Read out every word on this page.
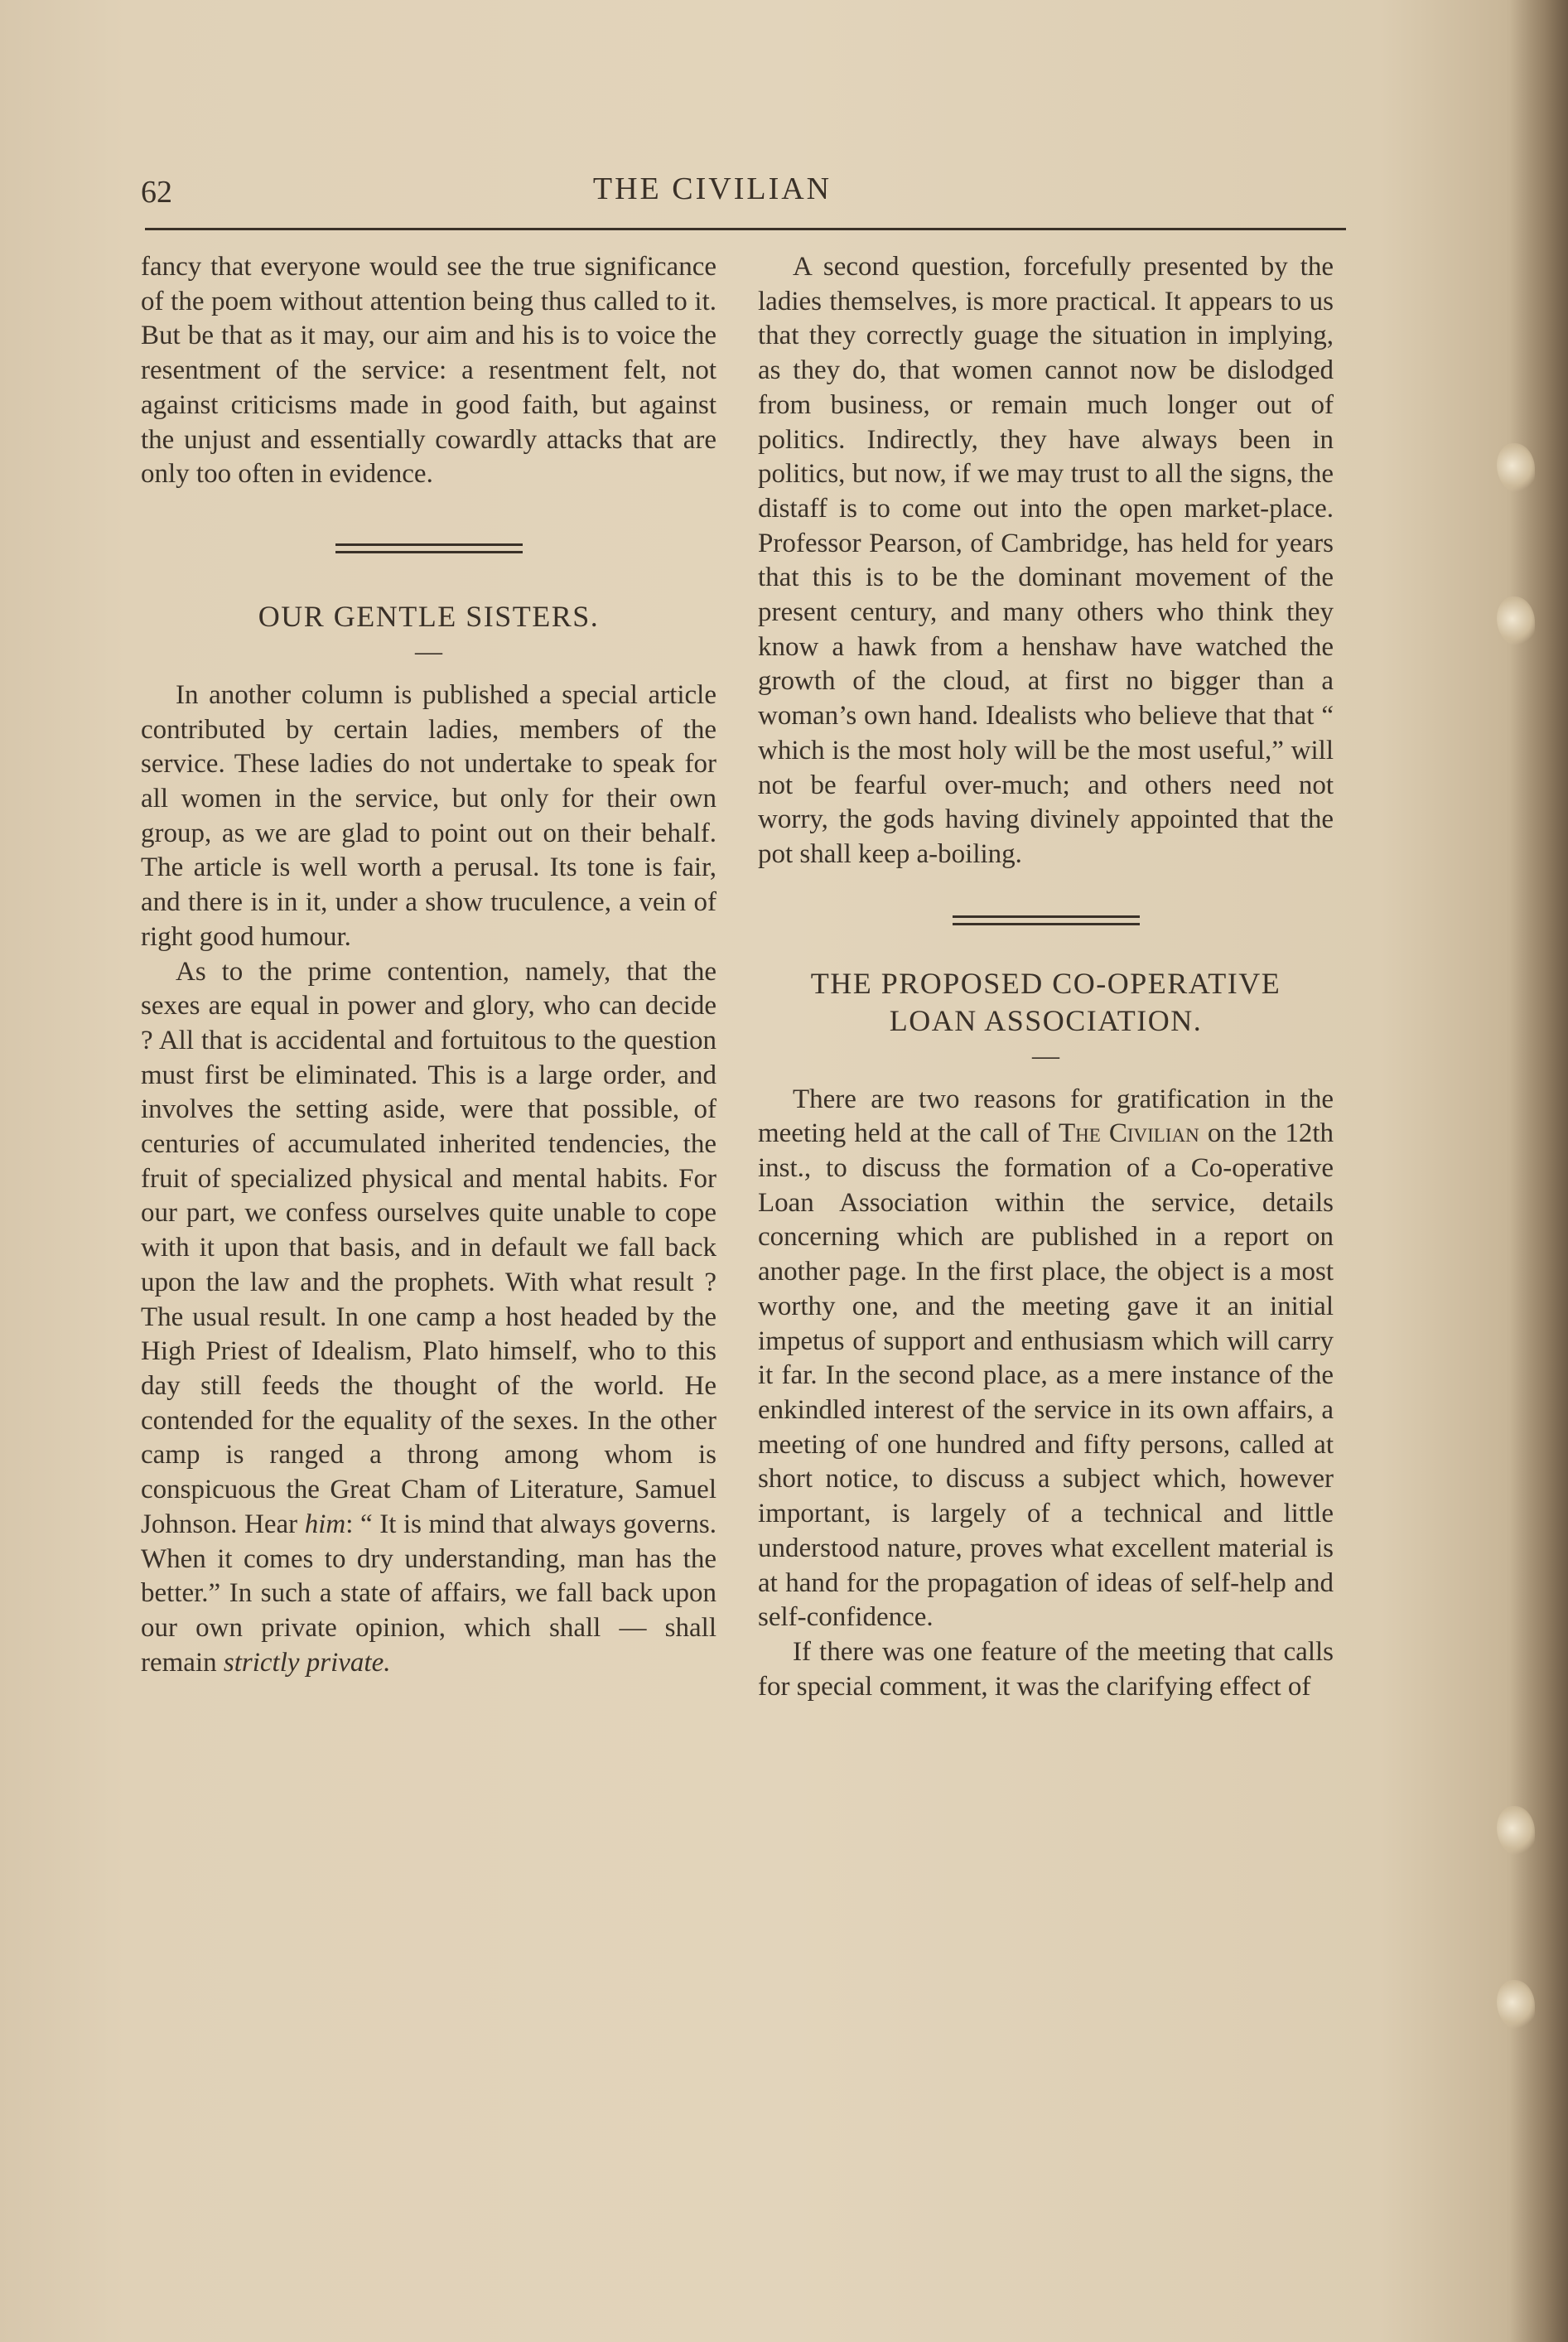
62	THE CIVILIAN

fancy that everyone would see the true significance of the poem without attention being thus called to it. But be that as it may, our aim and his is to voice the resentment of the service: a resentment felt, not against criticisms made in good faith, but against the unjust and essentially cowardly attacks that are only too often in evidence.

OUR GENTLE SISTERS.

—

In another column is published a special article contributed by certain ladies, members of the service. These ladies do not undertake to speak for all women in the service, but only for their own group, as we are glad to point out on their behalf. The article is well worth a perusal. Its tone is fair, and there is in it, under a show truculence, a vein of right good humour.

As to the prime contention, namely, that the sexes are equal in power and glory, who can decide ? All that is accidental and fortuitous to the question must first be eliminated. This is a large order, and involves the setting aside, were that possible, of centuries of accumulated inherited tendencies, the fruit of specialized physical and mental habits. For our part, we confess ourselves quite unable to cope with it upon that basis, and in default we fall back upon the law and the prophets. With what result ? The usual result. In one camp a host headed by the High Priest of Idealism, Plato himself, who to this day still feeds the thought of the world. He contended for the equality of the sexes. In the other camp is ranged a throng among whom is conspicuous the Great Cham of Literature, Samuel Johnson. Hear him: “ It is mind that always governs. When it comes to dry understanding, man has the better.” In such a state of affairs, we fall back upon our own private opinion, which shall — shall remain strictly private.

A second question, forcefully presented by the ladies themselves, is more practical. It appears to us that they correctly guage the situation in implying, as they do, that women cannot now be dislodged from business, or remain much longer out of politics. Indirectly, they have always been in politics, but now, if we may trust to all the signs, the distaff is to come out into the open market-place. Professor Pearson, of Cambridge, has held for years that this is to be the dominant movement of the present century, and many others who think they know a hawk from a henshaw have watched the growth of the cloud, at first no bigger than a woman’s own hand. Idealists who believe that that “ which is the most holy will be the most useful,” will not be fearful over-much; and others need not worry, the gods having divinely appointed that the pot shall keep a-boiling.

THE PROPOSED CO-OPERATIVE

LOAN ASSOCIATION.

—

There are two reasons for gratification in the meeting held at the call of The Civilian on the 12th inst., to discuss the formation of a Co-operative Loan Association within the service, details concerning which are published in a report on another page. In the first place, the object is a most worthy one, and the meeting gave it an initial impetus of support and enthusiasm which will carry it far. In the second place, as a mere instance of the enkindled interest of the service in its own affairs, a meeting of one hundred and fifty persons, called at short notice, to discuss a subject which, however important, is largely of a technical and little understood nature, proves what excellent material is at hand for the propagation of ideas of self-help and self-confidence.

If there was one feature of the meeting that calls for special comment, it was the clarifying effect of
